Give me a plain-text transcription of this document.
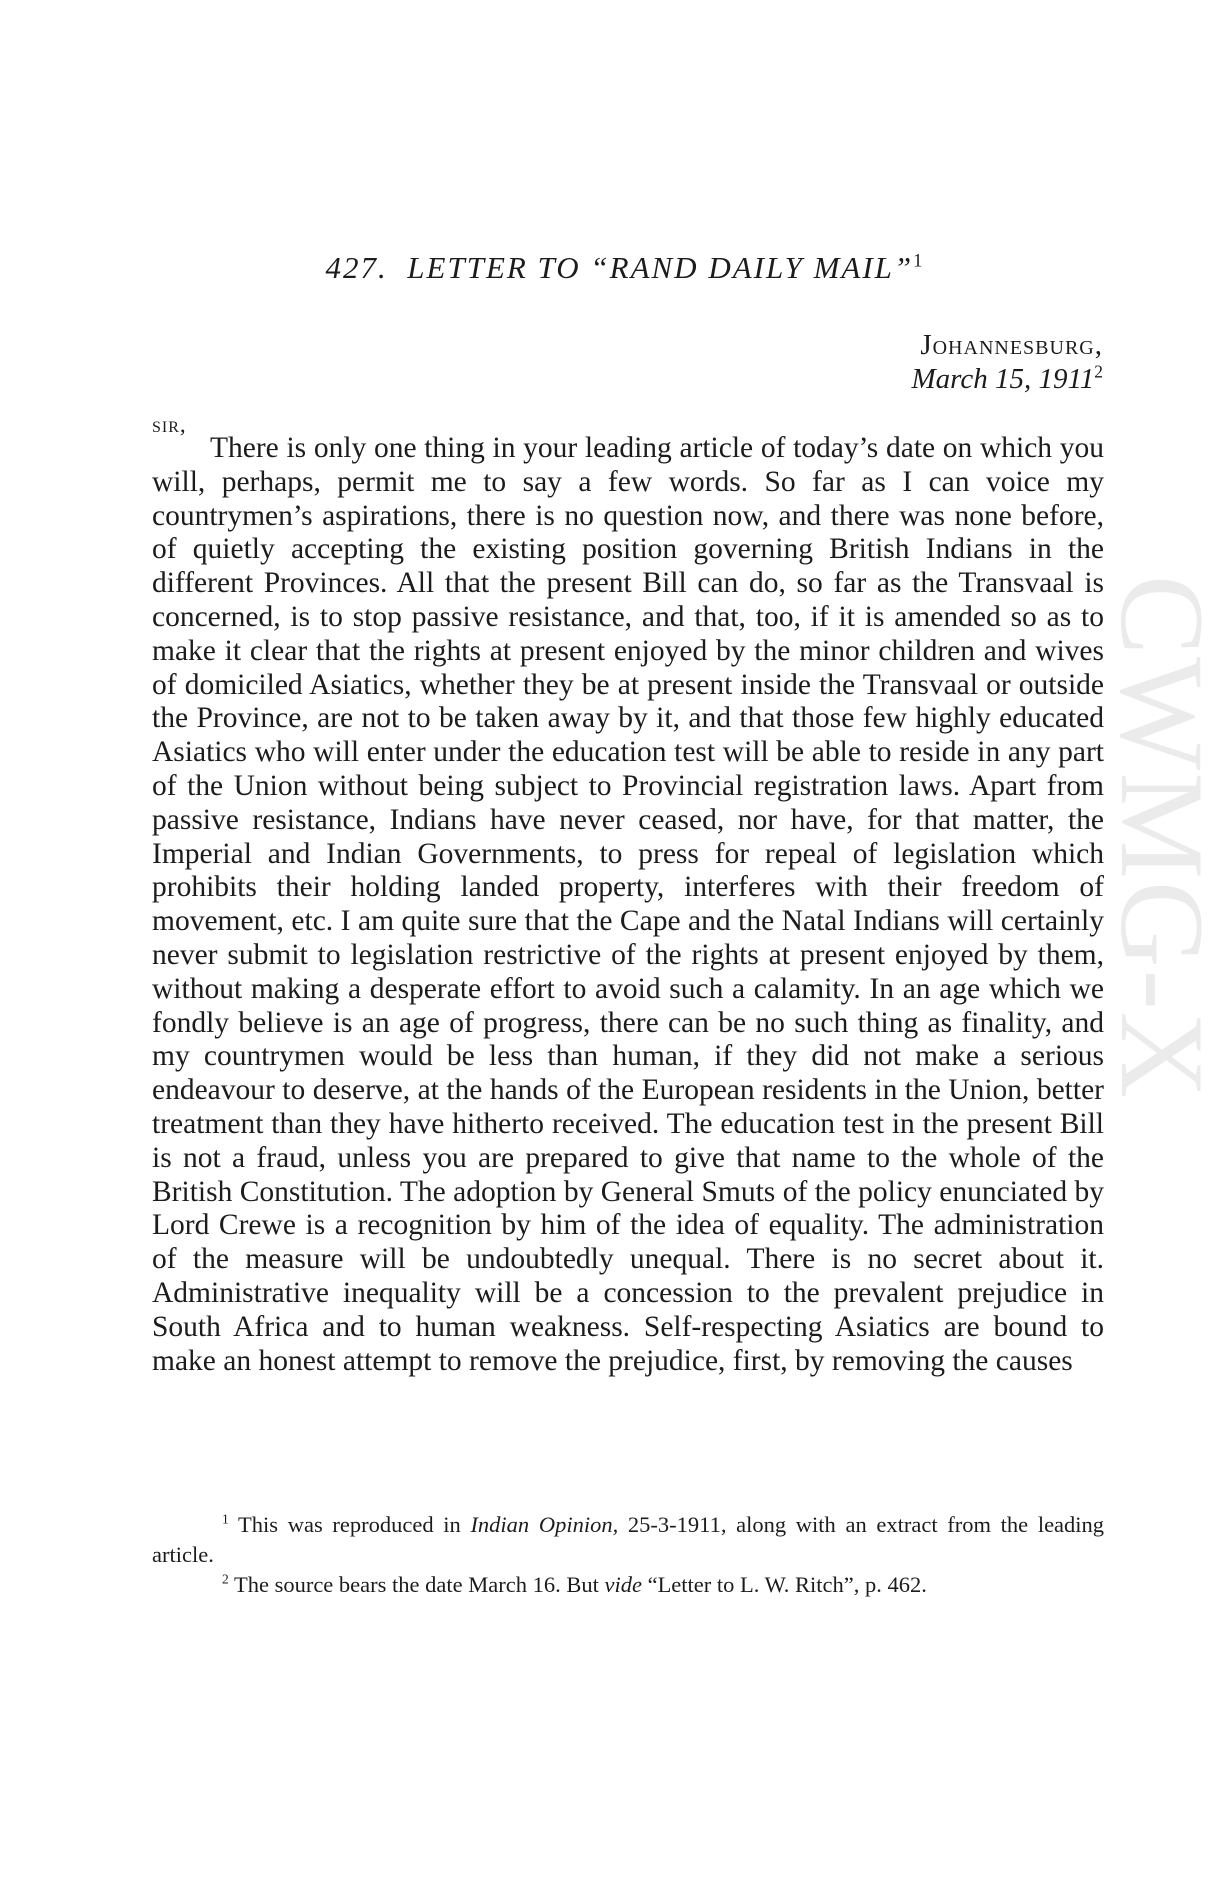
CWMG-X
427. LETTER TO “RAND DAILY MAIL”$^1$
Johannesburg,
March 15, 1911$^2$
sir,

There is only one thing in your leading article of today’s date on which you will, perhaps, permit me to say a few words. So far as I can voice my countrymen’s aspirations, there is no question now, and there was none before, of quietly accepting the existing position governing British Indians in the different Provinces. All that the present Bill can do, so far as the Transvaal is concerned, is to stop passive resistance, and that, too, if it is amended so as to make it clear that the rights at present enjoyed by the minor children and wives of domiciled Asiatics, whether they be at present inside the Transvaal or outside the Province, are not to be taken away by it, and that those few highly educated Asiatics who will enter under the education test will be able to reside in any part of the Union without being subject to Provincial registration laws. Apart from passive resistance, Indians have never ceased, nor have, for that matter, the Imperial and Indian Governments, to press for repeal of legislation which prohibits their holding landed property, interferes with their freedom of movement, etc. I am quite sure that the Cape and the Natal Indians will certainly never submit to legislation restrictive of the rights at present enjoyed by them, without making a desperate effort to avoid such a calamity. In an age which we fondly believe is an age of progress, there can be no such thing as finality, and my countrymen would be less than human, if they did not make a serious endeavour to deserve, at the hands of the European residents in the Union, better treatment than they have hitherto received. The education test in the present Bill is not a fraud, unless you are prepared to give that name to the whole of the British Constitution. The adoption by General Smuts of the policy enunciated by Lord Crewe is a recognition by him of the idea of equality. The administration of the measure will be undoubtedly unequal. There is no secret about it. Administrative inequality will be a concession to the prevalent prejudice in South Africa and to human weakness. Self-respecting Asiatics are bound to make an honest attempt to remove the prejudice, first, by removing the causes

$^1$ This was reproduced in Indian Opinion, 25-3-1911, along with an extract from the leading article.

$^2$ The source bears the date March 16. But vide “Letter to L. W. Ritch”, p. 462.
